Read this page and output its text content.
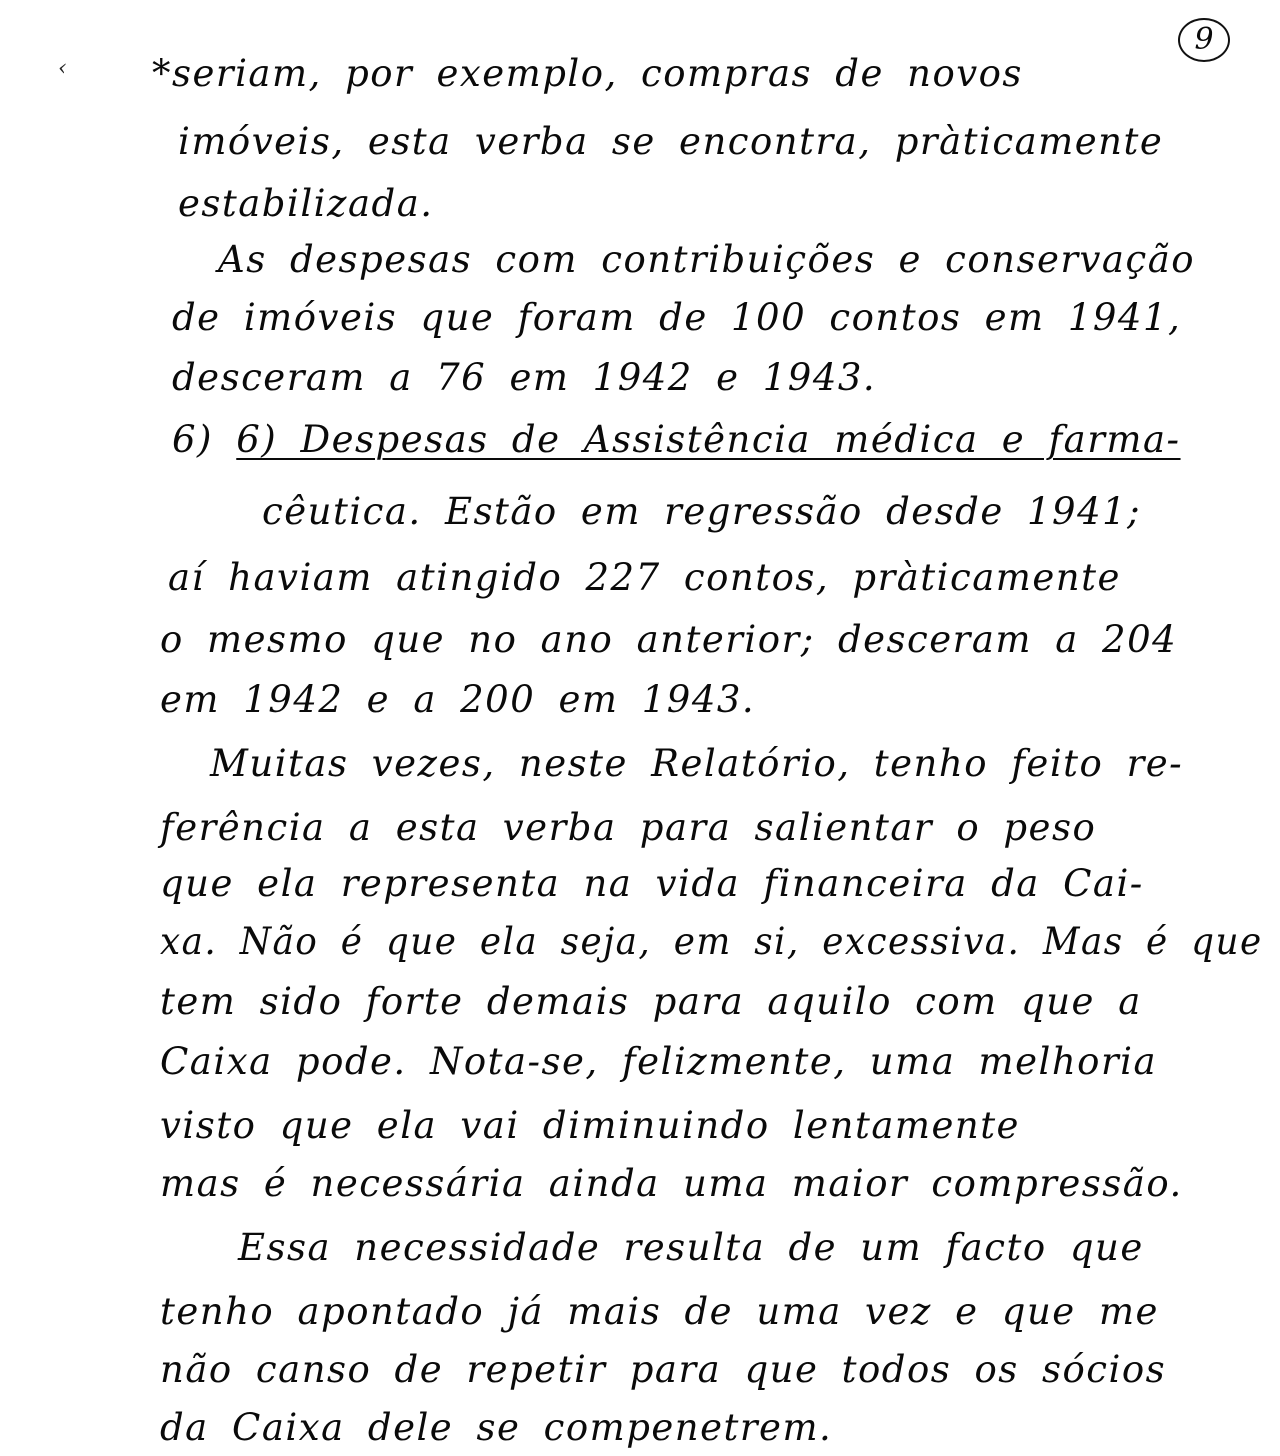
9
‹ *seriam, por exemplo, compras de novos
imóveis, esta verba se encontra, pràticamente
estabilizada.
As despesas com contribuições e conservação
de imóveis que foram de 100 contos em 1941,
desceram a 76 em 1942 e 1943.
6) 6) Despesas de Assistência médica e farma-
cêutica. Estão em regressão desde 1941;
aí haviam atingido 227 contos, pràticamente
o mesmo que no ano anterior; desceram a 204
em 1942 e a 200 em 1943.
Muitas vezes, neste Relatório, tenho feito re-
ferência a esta verba para salientar o peso
que ela representa na vida financeira da Cai-
xa. Não é que ela seja, em si, excessiva. Mas é que
tem sido forte demais para aquilo com que a
Caixa pode. Nota-se, felizmente, uma melhoria
visto que ela vai diminuindo lentamente
mas é necessária ainda uma maior compressão.
Essa necessidade resulta de um facto que
tenho apontado já mais de uma vez e que me
não canso de repetir para que todos os sócios
da Caixa dele se compenetrem.
